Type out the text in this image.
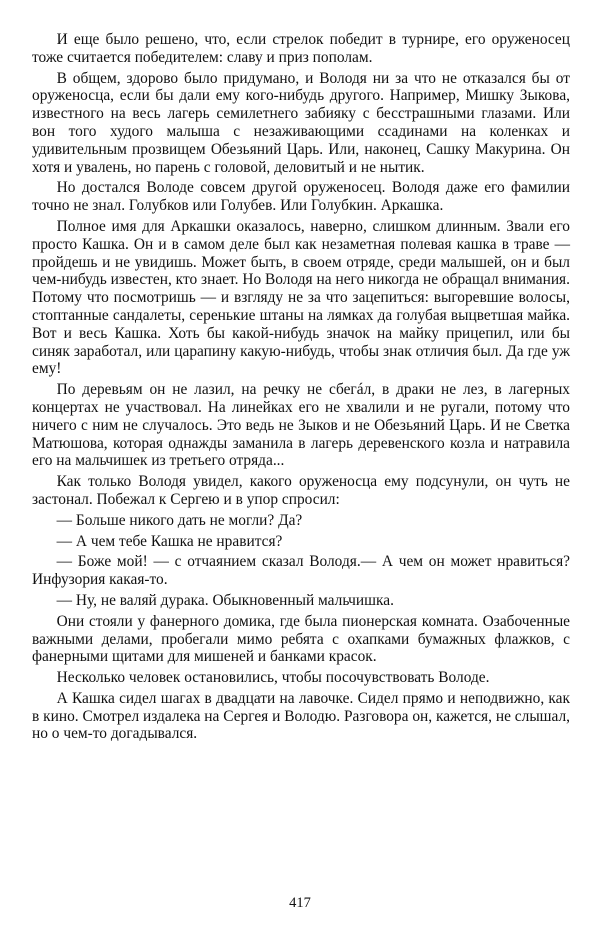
И еще было решено, что, если стрелок победит в турнире, его оруженосец тоже считается победителем: славу и приз пополам.

В общем, здорово было придумано, и Володя ни за что не отказался бы от оруженосца, если бы дали ему кого-нибудь другого. Например, Мишку Зыкова, известного на весь лагерь семилетнего забияку с бесстрашными глазами. Или вон того худого малыша с незаживающими ссадинами на коленках и удивительным прозвищем Обезьяний Царь. Или, наконец, Сашку Макурина. Он хотя и увалень, но парень с головой, деловитый и не нытик.

Но достался Володе совсем другой оруженосец. Володя даже его фамилии точно не знал. Голубков или Голубев. Или Голубкин. Аркашка.

Полное имя для Аркашки оказалось, наверно, слишком длинным. Звали его просто Кашка. Он и в самом деле был как незаметная полевая кашка в траве — пройдешь и не увидишь. Может быть, в своем отряде, среди малышей, он и был чем-нибудь известен, кто знает. Но Володя на него никогда не обращал внимания. Потому что посмотришь — и взгляду не за что зацепиться: выгоревшие волосы, стоптанные сандалеты, серенькие штаны на лямках да голубая выцветшая майка. Вот и весь Кашка. Хоть бы какой-нибудь значок на майку прицепил, или бы синяк заработал, или царапину какую-нибудь, чтобы знак отличия был. Да где уж ему!

По деревьям он не лазил, на речку не сбегáл, в драки не лез, в лагерных концертах не участвовал. На линейках его не хвалили и не ругали, потому что ничего с ним не случалось. Это ведь не Зыков и не Обезьяний Царь. И не Светка Матюшова, которая однажды заманила в лагерь деревенского козла и натравила его на мальчишек из третьего отряда...

Как только Володя увидел, какого оруженосца ему подсунули, он чуть не застонал. Побежал к Сергею и в упор спросил:

— Больше никого дать не могли? Да?

— А чем тебе Кашка не нравится?

— Боже мой! — с отчаянием сказал Володя.— А чем он может нравиться? Инфузория какая-то.

— Ну, не валяй дурака. Обыкновенный мальчишка.

Они стояли у фанерного домика, где была пионерская комната. Озабоченные важными делами, пробегали мимо ребята с охапками бумажных флажков, с фанерными щитами для мишеней и банками красок.

Несколько человек остановились, чтобы посочувствовать Володе.

А Кашка сидел шагах в двадцати на лавочке. Сидел прямо и неподвижно, как в кино. Смотрел издалека на Сергея и Володю. Разговора он, кажется, не слышал, но о чем-то догадывался.

417
